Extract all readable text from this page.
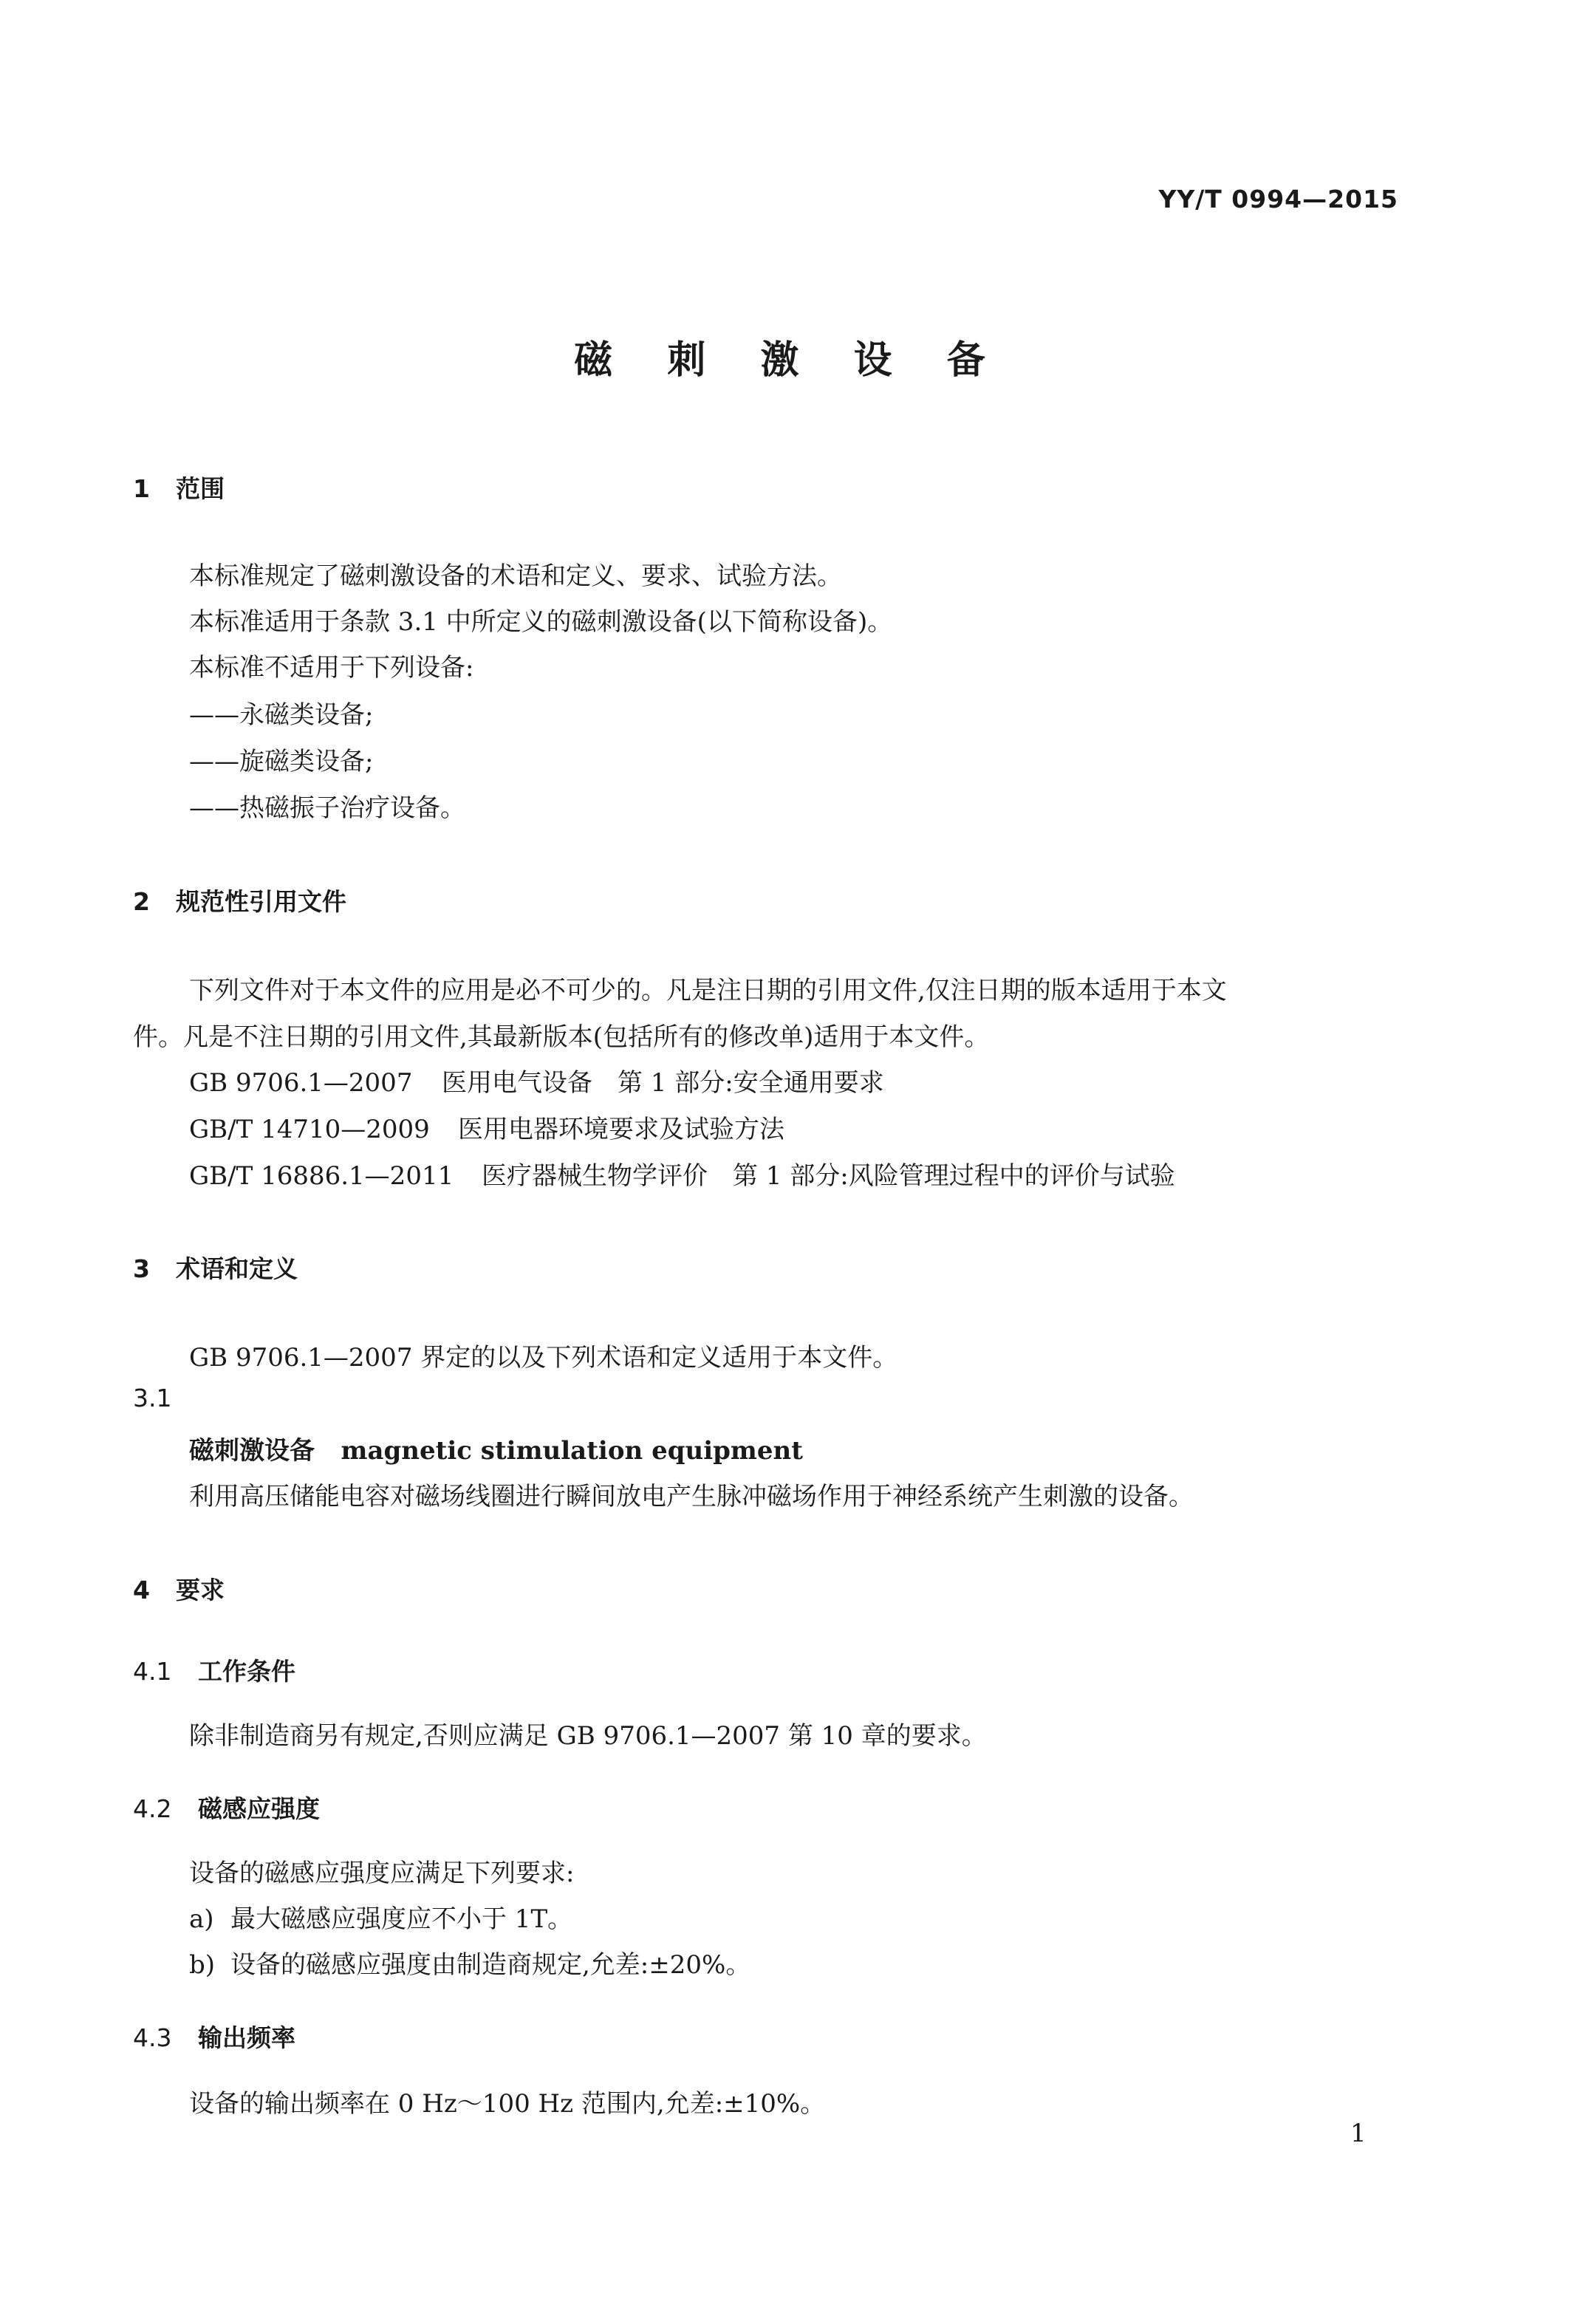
YY/T 0994—2015
磁 刺 激 设 备
1 范围
本标准规定了磁刺激设备的术语和定义、要求、试验方法。
本标准适用于条款 3.1 中所定义的磁刺激设备(以下简称设备)。
本标准不适用于下列设备:
——永磁类设备;
——旋磁类设备;
——热磁振子治疗设备。
2 规范性引用文件
下列文件对于本文件的应用是必不可少的。凡是注日期的引用文件,仅注日期的版本适用于本文
件。凡是不注日期的引用文件,其最新版本(包括所有的修改单)适用于本文件。
GB 9706.1—2007 医用电气设备　第 1 部分:安全通用要求
GB/T 14710—2009 医用电器环境要求及试验方法
GB/T 16886.1—2011 医疗器械生物学评价　第 1 部分:风险管理过程中的评价与试验
3 术语和定义
GB 9706.1—2007 界定的以及下列术语和定义适用于本文件。
3.1
磁刺激设备 magnetic stimulation equipment
利用高压储能电容对磁场线圈进行瞬间放电产生脉冲磁场作用于神经系统产生刺激的设备。
4 要求
4.1 工作条件
除非制造商另有规定,否则应满足 GB 9706.1—2007 第 10 章的要求。
4.2 磁感应强度
设备的磁感应强度应满足下列要求:
a) 最大磁感应强度应不小于 1T。
b) 设备的磁感应强度由制造商规定,允差:±20%。
4.3 输出频率
设备的输出频率在 0 Hz～100 Hz 范围内,允差:±10%。
1
